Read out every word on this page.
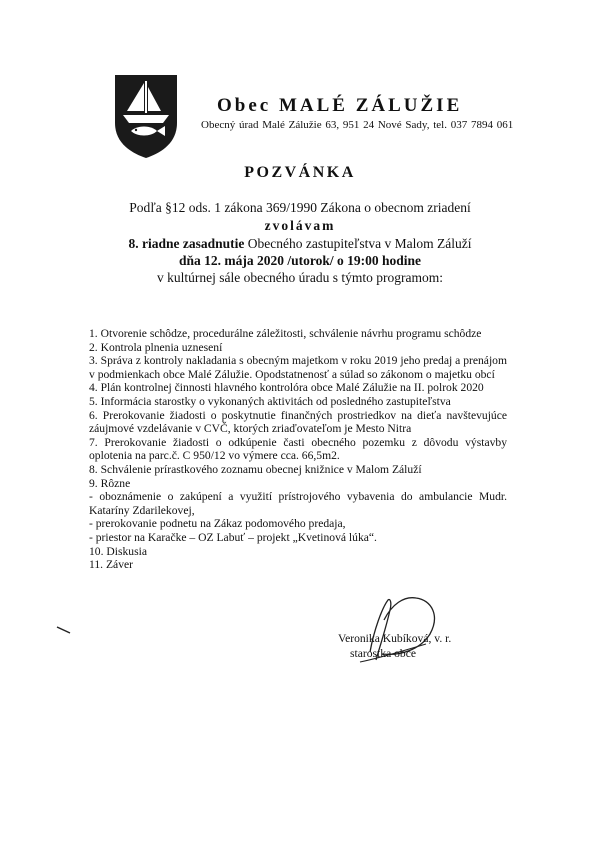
Obec MALÉ ZÁLUŽIE
Obecný úrad Malé Zálužie 63, 951 24 Nové Sady, tel. 037 7894 061
POZVÁNKA
Podľa §12 ods. 1 zákona 369/1990 Zákona o obecnom zriadení
zvolávam
8. riadne zasadnutie Obecného zastupiteľstva v Malom Záluží
dňa 12. mája 2020 /utorok/ o 19:00 hodine
v kultúrnej sále obecného úradu s týmto programom:
1. Otvorenie schôdze, procedurálne záležitosti, schválenie návrhu programu schôdze
2. Kontrola plnenia uznesení
3. Správa z kontroly nakladania s obecným majetkom v roku 2019 jeho predaj a prenájom v podmienkach obce Malé Zálužie. Opodstatnenosť a súlad so zákonom o majetku obcí
4. Plán kontrolnej činnosti hlavného kontrolóra obce Malé Zálužie na II. polrok 2020
5. Informácia starostky o vykonaných aktivitách od posledného zastupiteľstva
6. Prerokovanie žiadosti o poskytnutie finančných prostriedkov na dieťa navštevujúce záujmové vzdelávanie v CVČ, ktorých zriaďovateľom je Mesto Nitra
7. Prerokovanie žiadosti o odkúpenie časti obecného pozemku z dôvodu výstavby oplotenia na parc.č. C 950/12 vo výmere cca. 66,5m2.
8. Schválenie prírastkového zoznamu obecnej knižnice v Malom Záluží
9. Rôzne
- oboznámenie o zakúpení a využití prístrojového vybavenia do ambulancie Mudr. Kataríny Zdarilekovej,
- prerokovanie podnetu na Zákaz podomového predaja,
- priestor na Karačke – OZ Labuť – projekt „Kvetinová lúka“.
10. Diskusia
11. Záver
Veronika Kubíková, v. r.
starostka obce
